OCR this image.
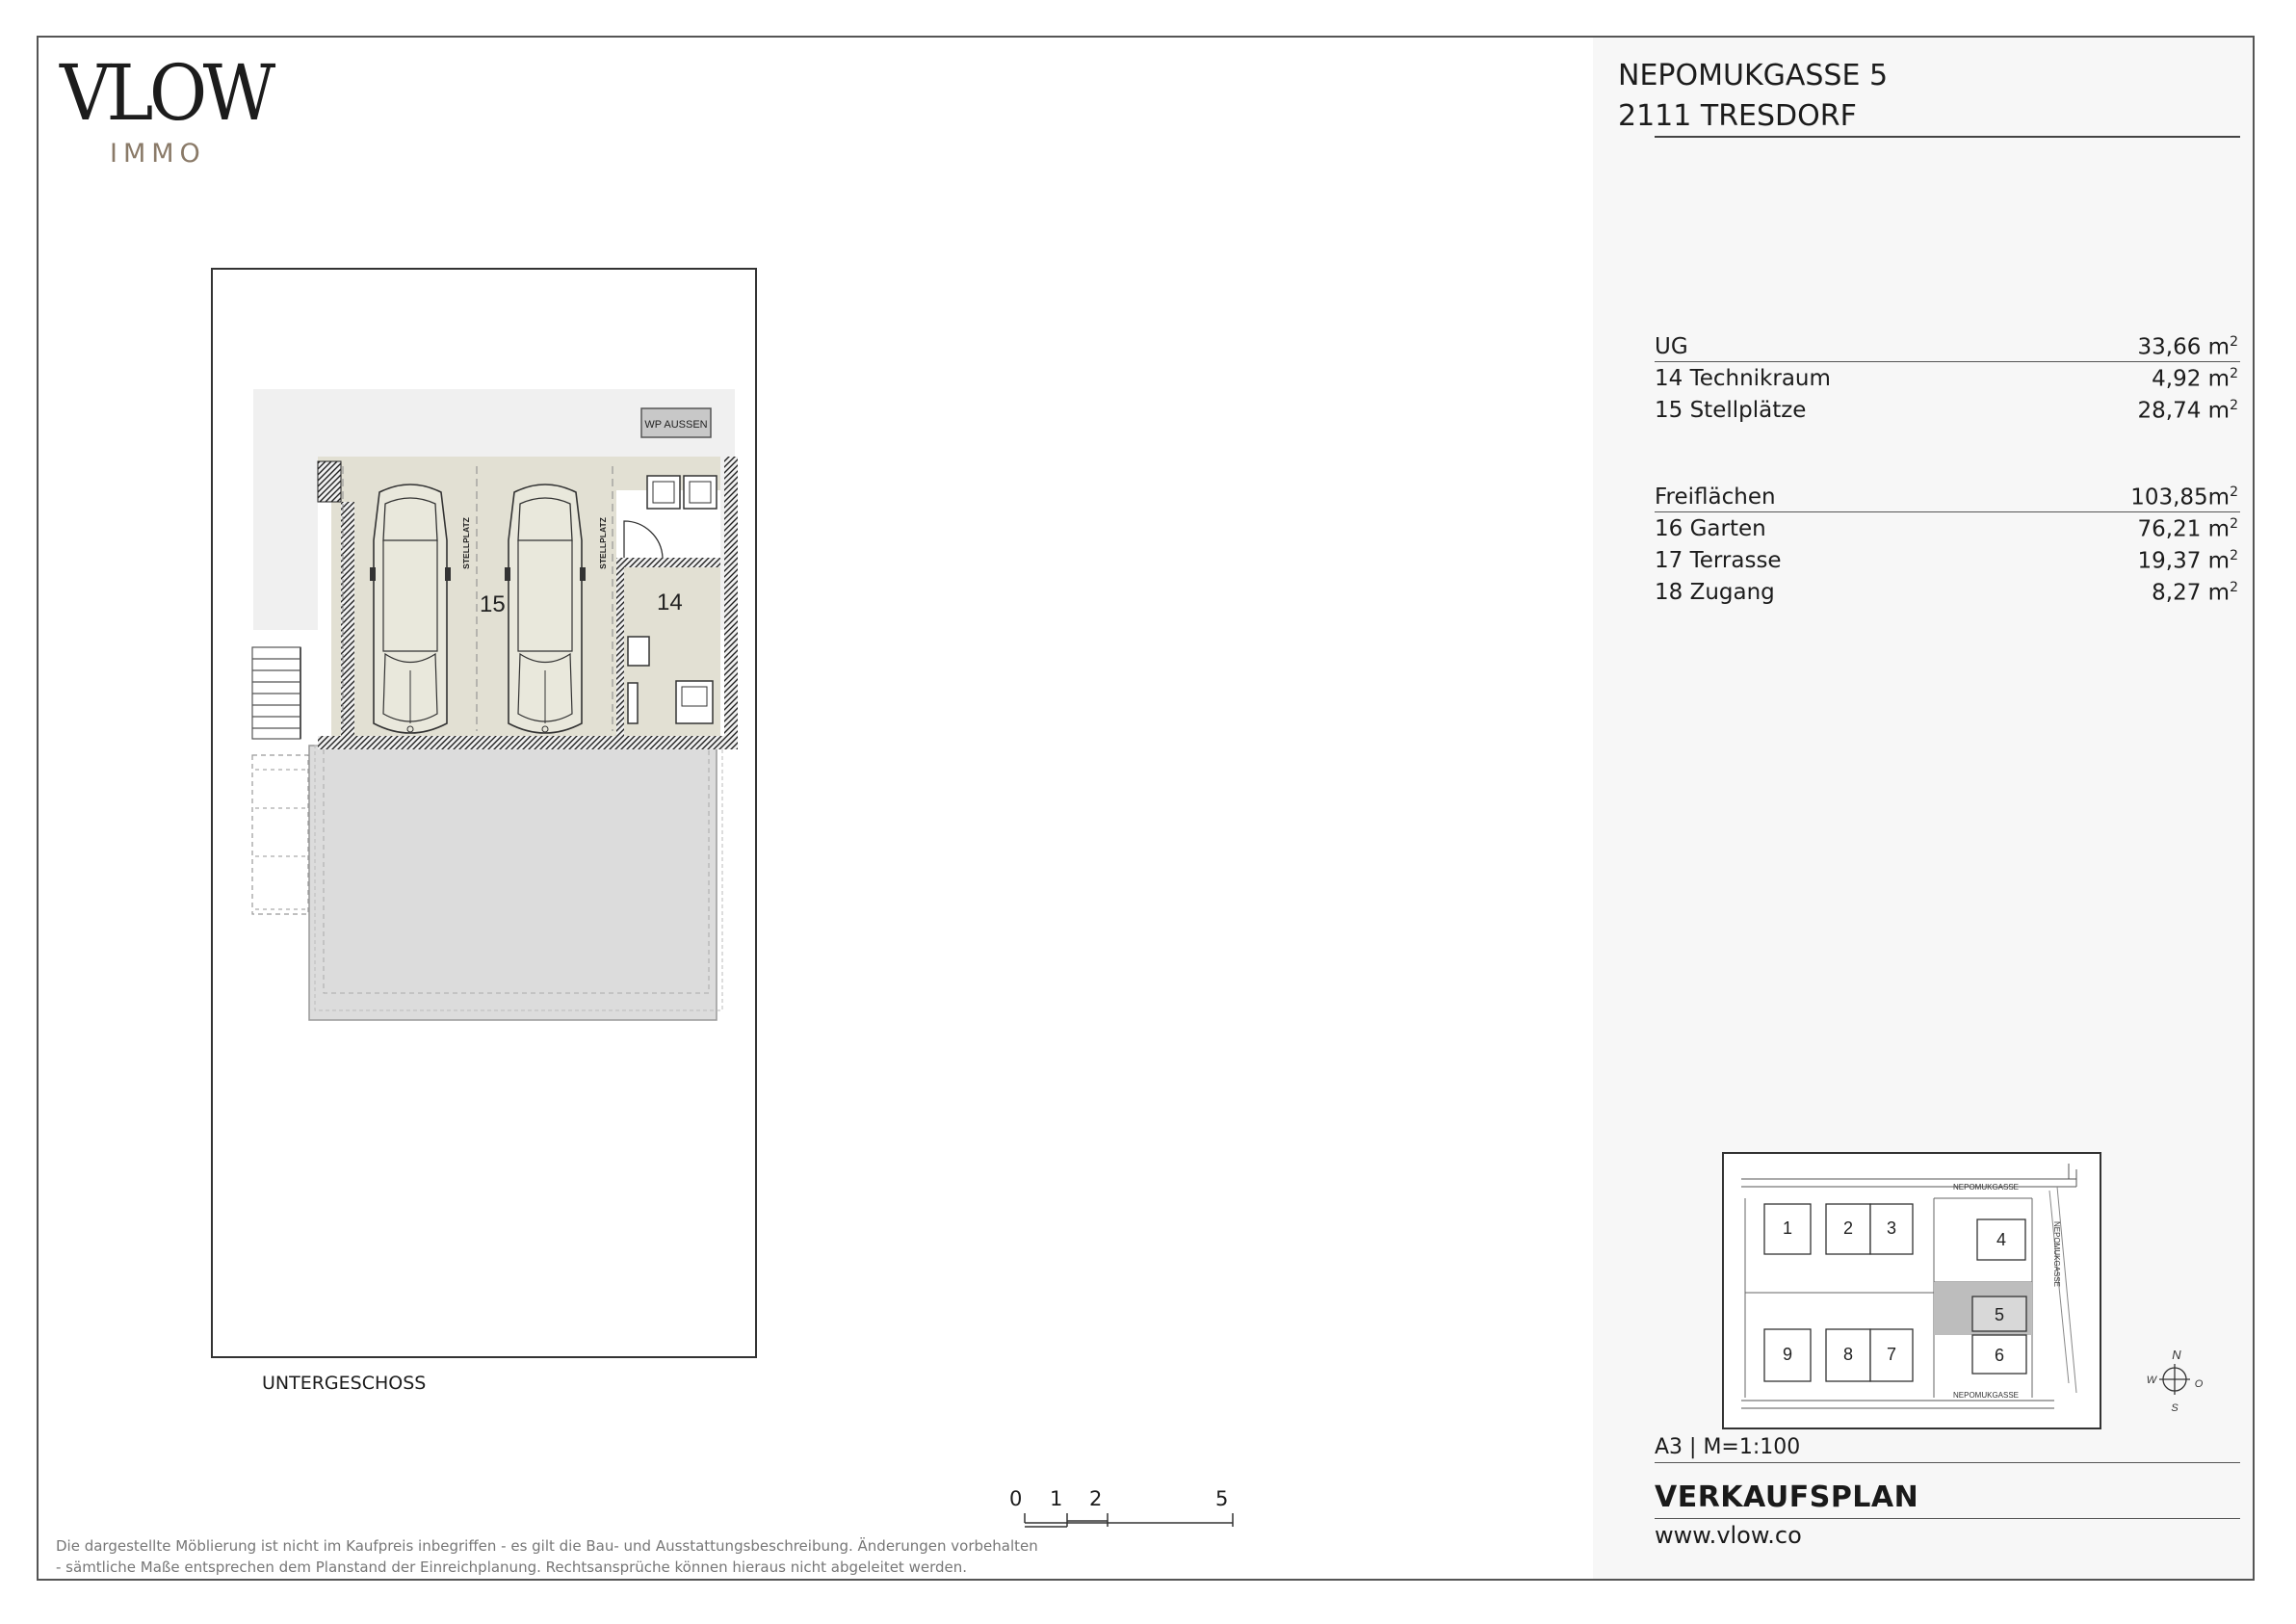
VLOW
IMMO
STELLPLATZ	STELLPLATZ
15	14
WP AUSSEN
UNTERGESCHOSS
0 1 2	5
Die dargestellte Möblierung ist nicht im Kaufpreis inbegriffen - es gilt die Bau- und Ausstattungsbeschreibung. Änderungen vorbehalten
- sämtliche Maße entsprechen dem Planstand der Einreichplanung. Rechtsansprüche können hieraus nicht abgeleitet werden.
NEPOMUKGASSE 5
2111 TRESDORF
UG	33,66 $m^2$
14 Technikraum	4,92 $m^2$
15 Stellplätze	28,74 $m^2$
Freiflächen	$103,85m^2$
16 Garten	76,21 $m^2$
17 Terrasse	19,37 $m^2$
18 Zugang	8,27 $m^2$
NEPOMUKGASSE
NEPOMUKGASSE
NEPOMUKGASSE
1	2 3
4
5
6
7
8
9	N
S
W	O
A3 | M=1:100
VERKAUFSPLAN
www.vlow.co
